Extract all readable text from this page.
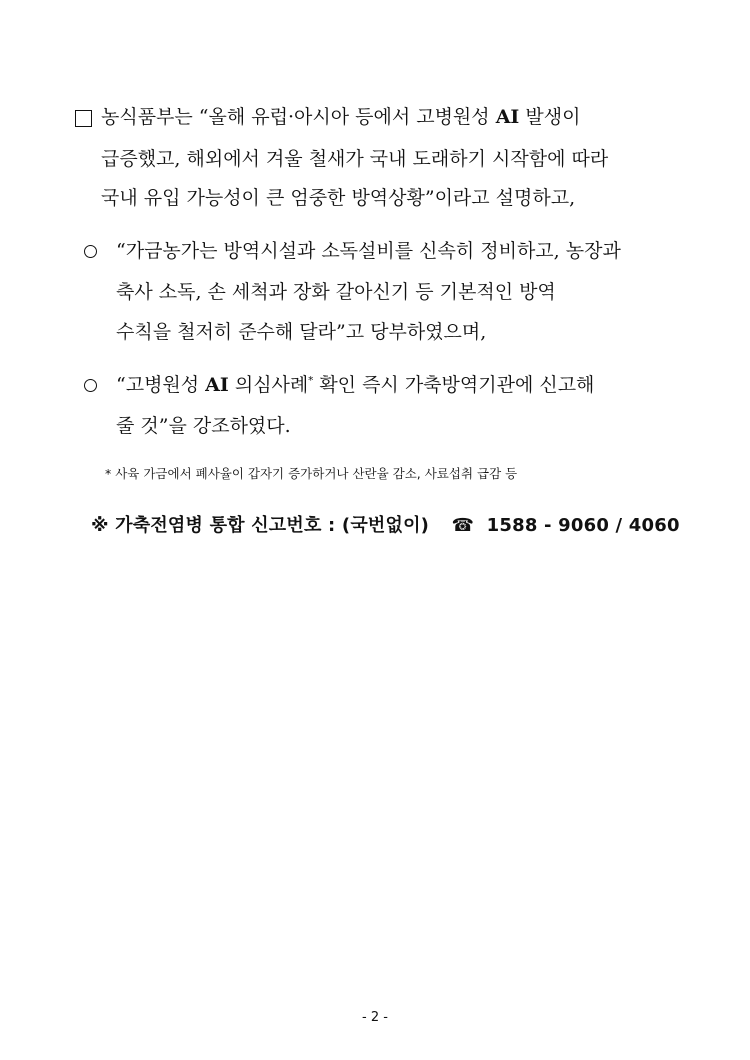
농식품부는 “올해 유럽·아시아 등에서 고병원성 AI 발생이
급증했고, 해외에서 겨울 철새가 국내 도래하기 시작함에 따라
국내 유입 가능성이 큰 엄중한 방역상황”이라고 설명하고,
“가금농가는 방역시설과 소독설비를 신속히 정비하고, 농장과
축사 소독, 손 세척과 장화 갈아신기 등 기본적인 방역
수칙을 철저히 준수해 달라”고 당부하였으며,
“고병원성 AI 의심사례* 확인 즉시 가축방역기관에 신고해
줄 것”을 강조하였다.
* 사육 가금에서 폐사율이 갑자기 증가하거나 산란율 감소, 사료섭취 급감 등
※ 가축전염병 통합 신고번호 : (국번없이) ☎ 1588 - 9060 / 4060
- 2 -
